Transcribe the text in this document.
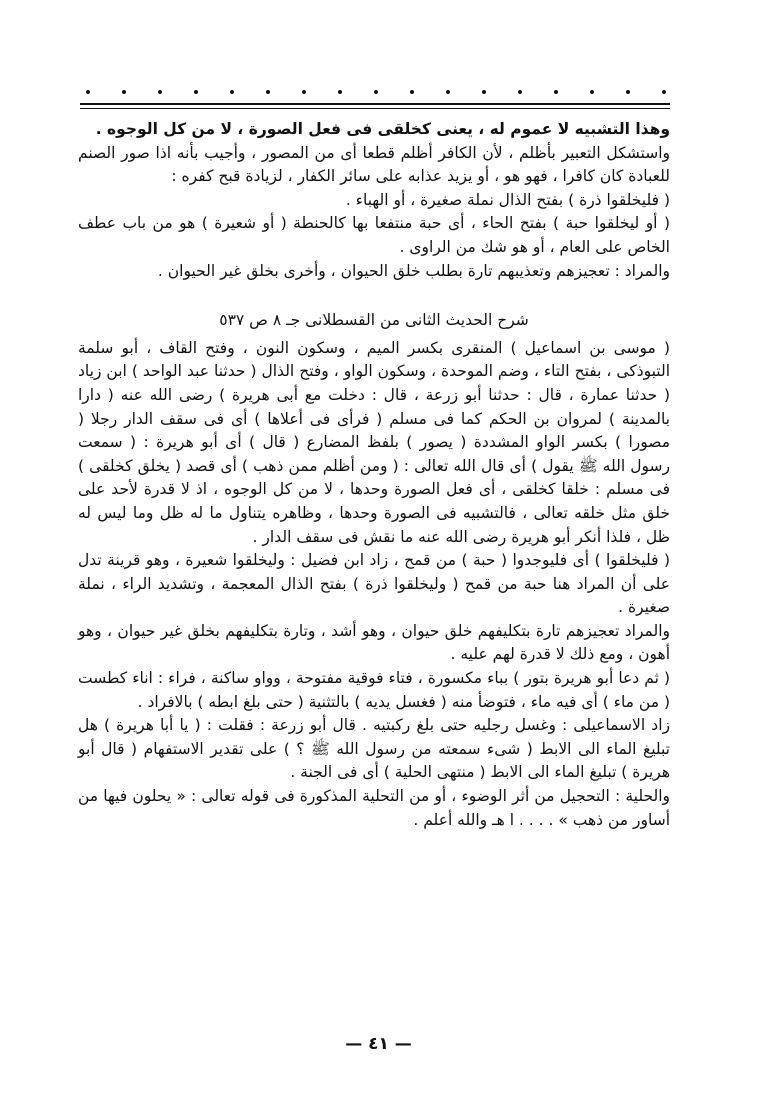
وهذا التشبيه لا عموم له ، يعنى كخلقى فى فعل الصورة ، لا من كل الوجوه .

واستشكل التعبير بأظلم ، لأن الكافر أظلم قطعا أى من المصور ، وأجيب بأنه اذا صور الصنم للعبادة كان كافرا ، فهو هو ، أو يزيد عذابه على سائر الكفار ، لزيادة قبح كفره :

( فليخلقوا ذرة ) بفتح الذال نملة صغيرة ، أو الهباء .

( أو ليخلقوا حبة ) بفتح الحاء ، أى حبة منتفعا بها كالحنطة ( أو شعيرة ) هو من باب عطف الخاص على العام ، أو هو شك من الراوى .

والمراد : تعجيزهم وتعذيبهم تارة بطلب خلق الحيوان ، وأخرى بخلق غير الحيوان .

شرح الحديث الثانى من القسطلانى جـ ٨ ص ٥٣٧

( موسى بن اسماعيل ) المنقرى بكسر الميم ، وسكون النون ، وفتح القاف ، أبو سلمة التبوذكى ، بفتح التاء ، وضم الموحدة ، وسكون الواو ، وفتح الذال ( حدثنا عبد الواحد ) ابن زياد ( حدثنا عمارة ، قال : حدثنا أبو زرعة ، قال : دخلت مع أبى هريرة ) رضى الله عنه ( دارا بالمدينة ) لمروان بن الحكم كما فى مسلم ( فرأى فى أعلاها ) أى فى سقف الدار رجلا ( مصورا ) بكسر الواو المشددة ( يصور ) بلفظ المضارع ( قال ) أى أبو هريرة : ( سمعت رسول الله ﷺ يقول ) أى قال الله تعالى : ( ومن أظلم ممن ذهب ) أى قصد ( يخلق كخلقى ) فى مسلم : خلقا كخلقى ، أى فعل الصورة وحدها ، لا من كل الوجوه ، اذ لا قدرة لأحد على خلق مثل خلقه تعالى ، فالتشبيه فى الصورة وحدها ، وظاهره يتناول ما له ظل وما ليس له ظل ، فلذا أنكر أبو هريرة رضى الله عنه ما نقش فى سقف الدار .

( فليخلقوا ) أى فليوجدوا ( حبة ) من قمح ، زاد ابن فضيل : وليخلقوا شعيرة ، وهو قرينة تدل على أن المراد هنا حبة من قمح ( وليخلقوا ذرة ) بفتح الذال المعجمة ، وتشديد الراء ، نملة صغيرة .

والمراد تعجيزهم تارة بتكليفهم خلق حيوان ، وهو أشد ، وتارة بتكليفهم بخلق غير حيوان ، وهو أهون ، ومع ذلك لا قدرة لهم عليه .

( ثم دعا أبو هريرة بتور ) بباء مكسورة ، فتاء فوقية مفتوحة ، وواو ساكنة ، فراء : اناء كطست ( من ماء ) أى فيه ماء ، فتوضأ منه ( فغسل يديه ) بالتثنية ( حتى بلغ ابطه ) بالافراد .

زاد الاسماعيلى : وغسل رجليه حتى بلغ ركبتيه . قال أبو زرعة : فقلت : ( يا أبا هريرة ) هل تبليغ الماء الى الابط ( شىء سمعته من رسول الله ﷺ ؟ ) على تقدير الاستفهام ( قال أبو هريرة ) تبليغ الماء الى الابط ( منتهى الحلية ) أى فى الجنة .

والحلية : التحجيل من أثر الوضوء ، أو من التحلية المذكورة فى قوله تعالى : « يحلون فيها من أساور من ذهب » . . . . ا هـ والله أعلم .

— ٤١ —
